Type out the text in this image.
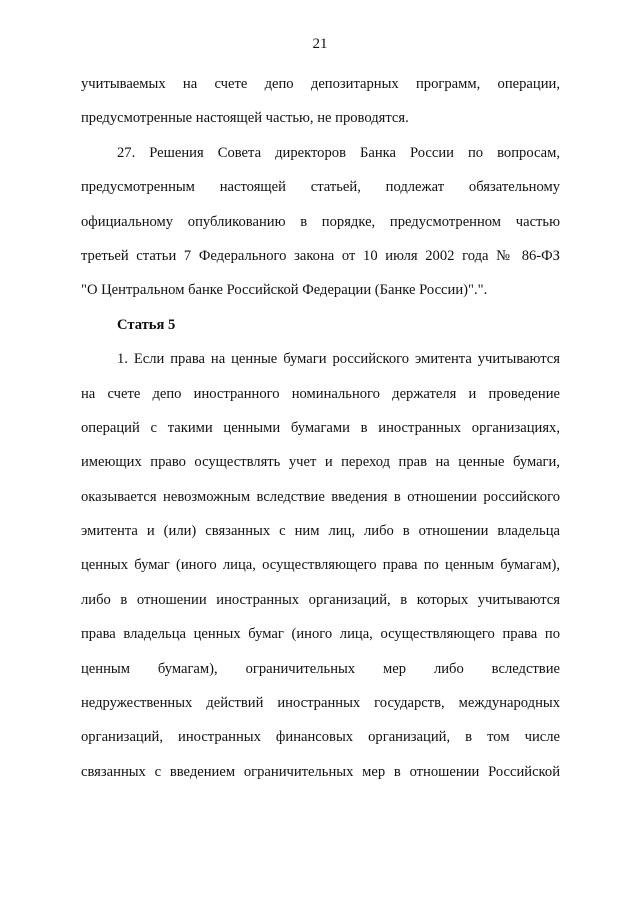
21
учитываемых на счете депо депозитарных программ, операции,
предусмотренные настоящей частью, не проводятся.
27. Решения Совета директоров Банка России по вопросам,
предусмотренным настоящей статьей, подлежат обязательному
официальному опубликованию в порядке, предусмотренном частью
третьей статьи 7 Федерального закона от 10 июля 2002 года № 86-ФЗ
"О Центральном банке Российской Федерации (Банке России)".".
Статья 5
1. Если права на ценные бумаги российского эмитента учитываются
на счете депо иностранного номинального держателя и проведение
операций с такими ценными бумагами в иностранных организациях,
имеющих право осуществлять учет и переход прав на ценные бумаги,
оказывается невозможным вследствие введения в отношении российского
эмитента и (или) связанных с ним лиц, либо в отношении владельца
ценных бумаг (иного лица, осуществляющего права по ценным бумагам),
либо в отношении иностранных организаций, в которых учитываются
права владельца ценных бумаг (иного лица, осуществляющего права по
ценным бумагам), ограничительных мер либо вследствие
недружественных действий иностранных государств, международных
организаций, иностранных финансовых организаций, в том числе
связанных с введением ограничительных мер в отношении Российской
